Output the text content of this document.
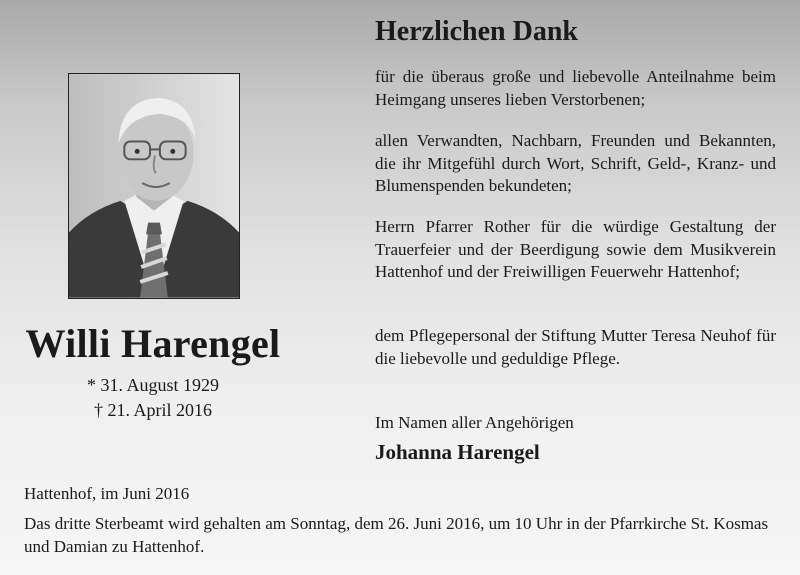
Willi Harengel
* 31. August 1929
† 21. April 2016
Herzlichen Dank

für die überaus große und liebevolle Anteilnahme beim Heimgang unseres lieben Verstorbenen;

allen Verwandten, Nachbarn, Freunden und Bekannten, die ihr Mitgefühl durch Wort, Schrift, Geld-, Kranz- und Blumenspenden bekundeten;

Herrn Pfarrer Rother für die würdige Gestaltung der Trauerfeier und der Beerdigung sowie dem Musikverein Hattenhof und der Freiwilligen Feuerwehr Hattenhof;

dem Pflegepersonal der Stiftung Mutter Teresa Neuhof für die liebevolle und geduldige Pflege.

Im Namen aller Angehörigen
Johanna Harengel
Hattenhof, im Juni 2016

Das dritte Sterbeamt wird gehalten am Sonntag, dem 26. Juni 2016, um 10 Uhr in der Pfarrkirche St. Kosmas und Damian zu Hattenhof.
